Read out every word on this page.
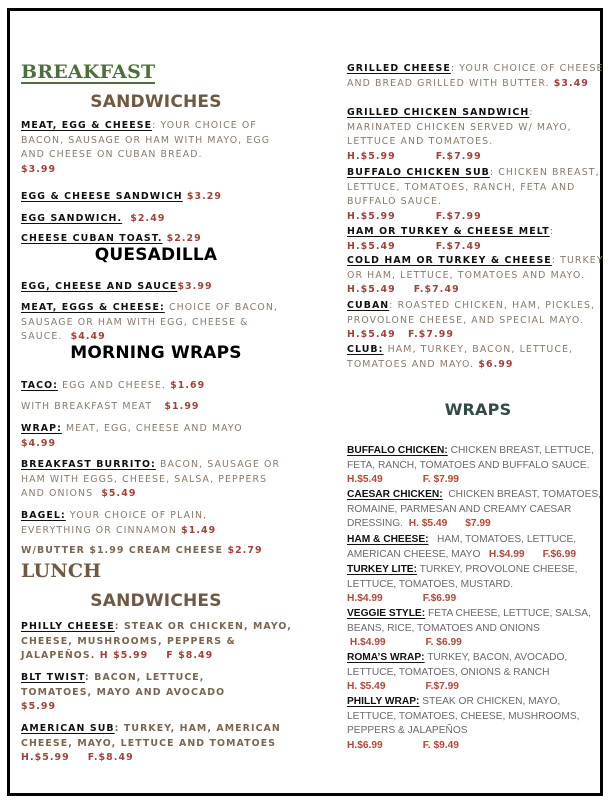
BREAKFAST
SANDWICHES

MEAT, EGG & CHEESE: YOUR CHOICE OF BACON, SAUSAGE OR HAM WITH MAYO, EGG AND CHEESE ON CUBAN BREAD.
$3.99

EGG & CHEESE SANDWICH $3.29

EGG SANDWICH. $2.49

CHEESE CUBAN TOAST. $2.29

QUESADILLA

EGG, CHEESE AND SAUCE$3.99

MEAT, EGGS & CHEESE: CHOICE OF BACON, SAUSAGE OR HAM WITH EGG, CHEESE & SAUCE. $4.49

MORNING WRAPS

TACO: EGG AND CHEESE. $1.69

WITH BREAKFAST MEAT $1.99

WRAP: MEAT, EGG, CHEESE AND MAYO
$4.99

BREAKFAST BURRITO: BACON, SAUSAGE OR HAM WITH EGGS, CHEESE, SALSA, PEPPERS AND ONIONS $5.49

BAGEL: YOUR CHOICE OF PLAIN, EVERYTHING OR CINNAMON $1.49

W/BUTTER $1.99 CREAM CHEESE $2.79

LUNCH
SANDWICHES

PHILLY CHEESE: STEAK OR CHICKEN, MAYO, CHEESE, MUSHROOMS, PEPPERS & JALAPEÑOS. H $5.99 F $8.49

BLT TWIST: BACON, LETTUCE, TOMATOES, MAYO AND AVOCADO
$5.99

AMERICAN SUB: TURKEY, HAM, AMERICAN CHEESE, MAYO, LETTUCE AND TOMATOES H.$5.99 F.$8.49

GRILLED CHEESE: YOUR CHOICE OF CHEESE AND BREAD GRILLED WITH BUTTER. $3.49

GRILLED CHICKEN SANDWICH:
MARINATED CHICKEN SERVED W/ MAYO, LETTUCE AND TOMATOES.
H.$5.99	F.$7.99

BUFFALO CHICKEN SUB: CHICKEN BREAST, LETTUCE, TOMATOES, RANCH, FETA AND BUFFALO SAUCE.
H.$5.99	F.$7.99

HAM OR TURKEY & CHEESE MELT:
H.$5.49	F.$7.49

COLD HAM OR TURKEY & CHEESE: TURKEY OR HAM, LETTUCE, TOMATOES AND MAYO.  H.$5.49 F.$7.49

CUBAN: ROASTED CHICKEN, HAM, PICKLES, PROVOLONE CHEESE, AND SPECIAL MAYO. H.$5.49 F.$7.99

CLUB: HAM, TURKEY, BACON, LETTUCE, TOMATOES AND MAYO. $6.99

WRAPS

BUFFALO CHICKEN: CHICKEN BREAST, LETTUCE, FETA, RANCH, TOMATOES AND BUFFALO SAUCE.
H.$5.49	F. $7.99

CAESAR CHICKEN: CHICKEN BREAST, TOMATOES, ROMAINE, PARMESAN AND CREAMY CAESAR DRESSING. H. $5.49 $7.99

HAM & CHEESE: HAM, TOMATOES, LETTUCE, AMERICAN CHEESE, MAYO H.$4.99 F.$6.99

TURKEY LITE: TURKEY, PROVOLONE CHEESE, LETTUCE, TOMATOES, MUSTARD.
H.$4.99	F.$6.99

VEGGIE STYLE: FETA CHEESE, LETTUCE, SALSA, BEANS, RICE, TOMATOES AND ONIONS
H.$4.99	F. $6.99

ROMA’S WRAP: TURKEY, BACON, AVOCADO, LETTUCE, TOMATOES, ONIONS & RANCH
H. $5.49	F.$7.99

PHILLY WRAP: STEAK OR CHICKEN, MAYO, LETTUCE, TOMATOES, CHEESE, MUSHROOMS, PEPPERS & JALAPEÑOS
H.$6.99	F. $9.49
